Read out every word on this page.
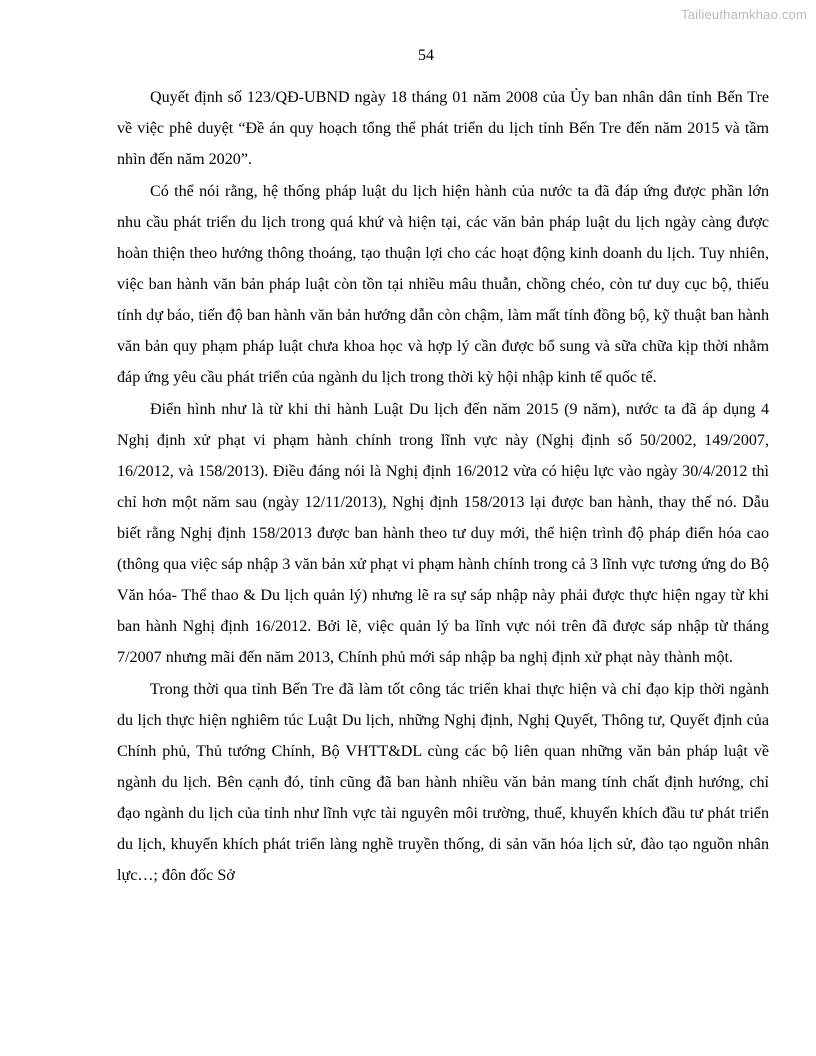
Tailieuthamkhao.com
54

Quyết định số 123/QĐ-UBND ngày 18 tháng 01 năm 2008 của Ủy ban nhân dân tỉnh Bến Tre về việc phê duyệt “Đề án quy hoạch tổng thể phát triển du lịch tỉnh Bến Tre đến năm 2015 và tầm nhìn đến năm 2020”.

Có thể nói rằng, hệ thống pháp luật du lịch hiện hành của nước ta đã đáp ứng được phần lớn nhu cầu phát triển du lịch trong quá khứ và hiện tại, các văn bản pháp luật du lịch ngày càng được hoàn thiện theo hướng thông thoáng, tạo thuận lợi cho các hoạt động kinh doanh du lịch. Tuy nhiên, việc ban hành văn bản pháp luật còn tồn tại nhiều mâu thuẫn, chồng chéo, còn tư duy cục bộ, thiếu tính dự báo, tiến độ ban hành văn bản hướng dẫn còn chậm, làm mất tính đồng bộ, kỹ thuật ban hành văn bản quy phạm pháp luật chưa khoa học và hợp lý cần được bổ sung và sữa chữa kịp thời nhằm đáp ứng yêu cầu phát triển của ngành du lịch trong thời kỳ hội nhập kinh tế quốc tế.

Điển hình như là từ khi thi hành Luật Du lịch đến năm 2015 (9 năm), nước ta đã áp dụng 4 Nghị định xử phạt vi phạm hành chính trong lĩnh vực này (Nghị định số 50/2002, 149/2007, 16/2012, và 158/2013). Điều đáng nói là Nghị định 16/2012 vừa có hiệu lực vào ngày 30/4/2012 thì chỉ hơn một năm sau (ngày 12/11/2013), Nghị định 158/2013 lại được ban hành, thay thế nó. Dẫu biết rằng Nghị định 158/2013 được ban hành theo tư duy mới, thể hiện trình độ pháp điển hóa cao (thông qua việc sáp nhập 3 văn bản xử phạt vi phạm hành chính trong cả 3 lĩnh vực tương ứng do Bộ Văn hóa- Thể thao & Du lịch quản lý) nhưng lẽ ra sự sáp nhập này phải được thực hiện ngay từ khi ban hành Nghị định 16/2012. Bởi lẽ, việc quản lý ba lĩnh vực nói trên đã được sáp nhập từ tháng 7/2007 nhưng mãi đến năm 2013, Chính phủ mới sáp nhập ba nghị định xử phạt này thành một.

Trong thời qua tỉnh Bến Tre đã làm tốt công tác triển khai thực hiện và chỉ đạo kịp thời ngành du lịch thực hiện nghiêm túc Luật Du lịch, những Nghị định, Nghị Quyết, Thông tư, Quyết định của Chính phủ, Thủ tướng Chính, Bộ VHTT&DL cùng các bộ liên quan những văn bản pháp luật về ngành du lịch. Bên cạnh đó, tỉnh cũng đã ban hành nhiều văn bản mang tính chất định hướng, chỉ đạo ngành du lịch của tỉnh như lĩnh vực tài nguyên môi trường, thuế, khuyến khích đầu tư phát triển du lịch, khuyến khích phát triển làng nghề truyền thống, di sản văn hóa lịch sử, đào tạo nguồn nhân lực…; đôn đốc Sở
